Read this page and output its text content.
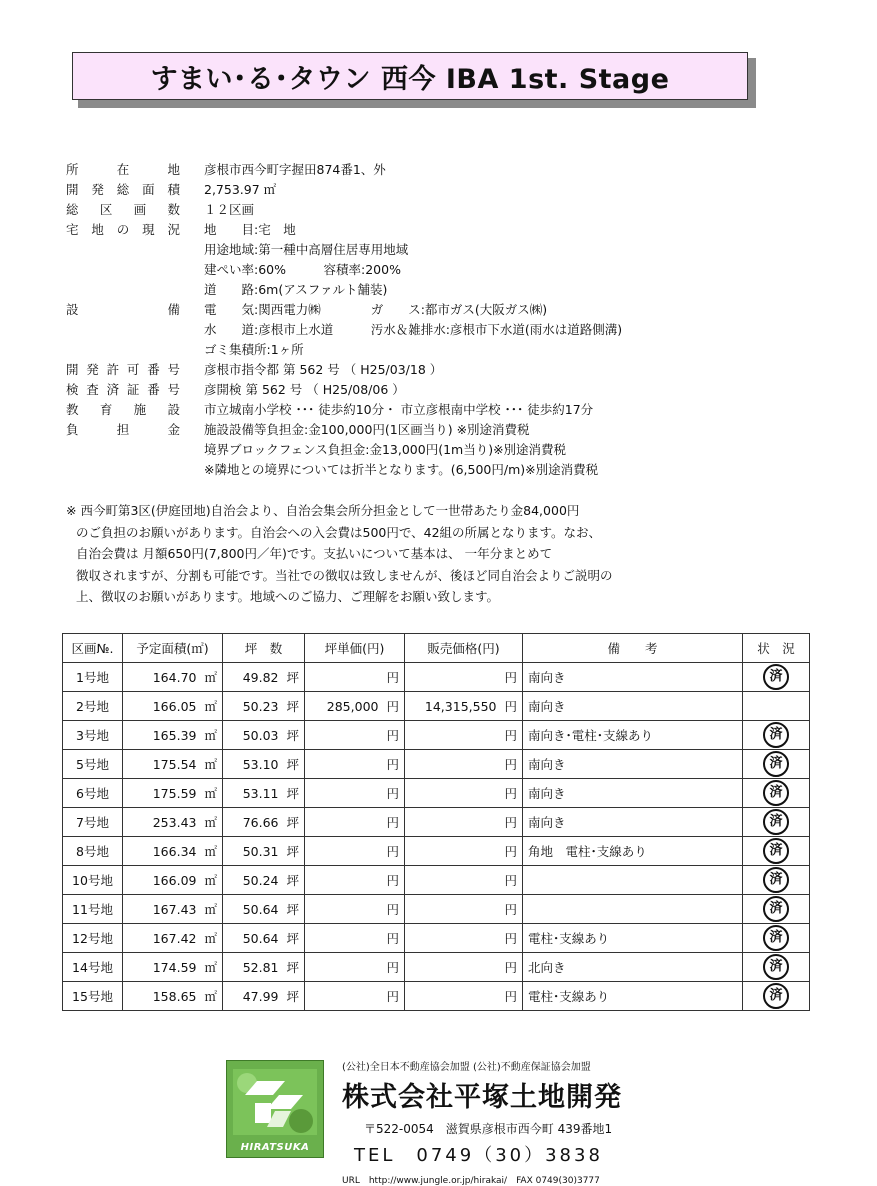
すまい･る･タウン 西今 IBA 1st. Stage
所在地 彦根市西今町字握田874番1、外
開発総面積 2,753.97 ㎡
総区画数 １２区画
宅地の現況 地　　目:宅　地
用途地域:第一種中高層住居専用地域
建ぺい率:60%　　　容積率:200%
道　　路:6m(アスファルト舗装)
設備 電　　気:関西電力㈱　　　　ガ　　ス:都市ガス(大阪ガス㈱)
水　　道:彦根市上水道　　　汚水＆雑排水:彦根市下水道(雨水は道路側溝)
ゴミ集積所:1ヶ所
開発許可番号 彦根市指令都 第 562 号 （ H25/03/18 ）
検査済証番号 彦開検 第 562 号 （ H25/08/06 ）
教育施設 市立城南小学校 ･･･ 徒歩約10分・ 市立彦根南中学校 ･･･ 徒歩約17分
負担金 施設設備等負担金:金100,000円(1区画当り) ※別途消費税
境界ブロックフェンス負担金:金13,000円(1m当り)※別途消費税
※隣地との境界については折半となります。(6,500円/m)※別途消費税
※ 西今町第3区(伊庭団地)自治会より、自治会集会所分担金として一世帯あたり金84,000円
のご負担のお願いがあります。自治会への入会費は500円で、42組の所属となります。なお、
自治会費は 月額650円(7,800円／年)です。支払いについて基本は、 一年分まとめて
徴収されますが、分割も可能です。当社での徴収は致しませんが、後ほど同自治会よりご説明の
上、徴収のお願いがあります。地域へのご協力、ご理解をお願い致します。
区画№.	予定面積(㎡)	坪　数	坪単価(円)	販売価格(円)	備　　考	状　況
1号地	164.70 ㎡	49.82 坪	円	円	南向き	済
2号地	166.05 ㎡	50.23 坪	285,000 円	14,315,550 円	南向き	
3号地	165.39 ㎡	50.03 坪	円	円	南向き･電柱･支線あり	済
5号地	175.54 ㎡	53.10 坪	円	円	南向き	済
6号地	175.59 ㎡	53.11 坪	円	円	南向き	済
7号地	253.43 ㎡	76.66 坪	円	円	南向き	済
8号地	166.34 ㎡	50.31 坪	円	円	角地　電柱･支線あり	済
10号地	166.09 ㎡	50.24 坪	円	円		済
11号地	167.43 ㎡	50.64 坪	円	円		済
12号地	167.42 ㎡	50.64 坪	円	円	電柱･支線あり	済
14号地	174.59 ㎡	52.81 坪	円	円	北向き	済
15号地	158.65 ㎡	47.99 坪	円	円	電柱･支線あり	済
HIRATSUKA
(公社)全日本不動産協会加盟 (公社)不動産保証協会加盟
株式会社平塚土地開発
〒522-0054　滋賀県彦根市西今町 439番地1
TEL　0749（30）3838
URL　http://www.jungle.or.jp/hirakai/　FAX 0749(30)3777
